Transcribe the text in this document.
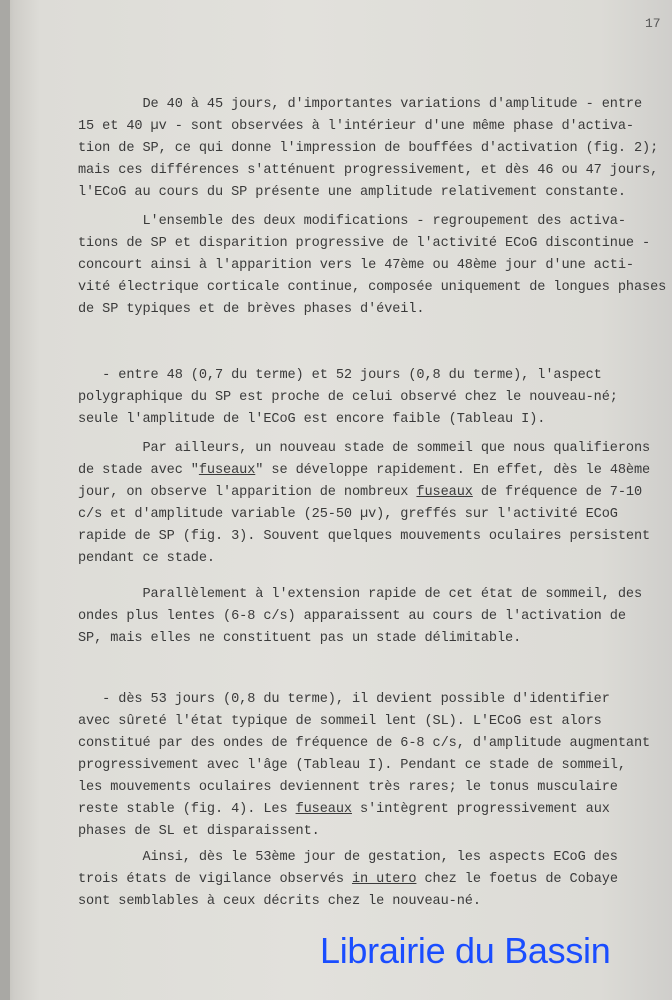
17
De 40 à 45 jours, d'importantes variations d'amplitude - entre
15 et 40 µv - sont observées à l'intérieur d'une même phase d'activa-
tion de SP, ce qui donne l'impression de bouffées d'activation (fig. 2);
mais ces différences s'atténuent progressivement, et dès 46 ou 47 jours,
l'ECoG au cours du SP présente une amplitude relativement constante.
L'ensemble des deux modifications - regroupement des activa-
tions de SP et disparition progressive de l'activité ECoG discontinue -
concourt ainsi à l'apparition vers le 47ème ou 48ème jour d'une acti-
vité électrique corticale continue, composée uniquement de longues phases
de SP typiques et de brèves phases d'éveil.
- entre 48 (0,7 du terme) et 52 jours (0,8 du terme), l'aspect
polygraphique du SP est proche de celui observé chez le nouveau-né;
seule l'amplitude de l'ECoG est encore faible (Tableau I).
Par ailleurs, un nouveau stade de sommeil que nous qualifierons
de stade avec "fuseaux" se développe rapidement. En effet, dès le 48ème
jour, on observe l'apparition de nombreux fuseaux de fréquence de 7-10
c/s et d'amplitude variable (25-50 µv), greffés sur l'activité ECoG
rapide de SP (fig. 3). Souvent quelques mouvements oculaires persistent
pendant ce stade.
Parallèlement à l'extension rapide de cet état de sommeil, des
ondes plus lentes (6-8 c/s) apparaissent au cours de l'activation de
SP, mais elles ne constituent pas un stade délimitable.
- dès 53 jours (0,8 du terme), il devient possible d'identifier
avec sûreté l'état typique de sommeil lent (SL). L'ECoG est alors
constitué par des ondes de fréquence de 6-8 c/s, d'amplitude augmentant
progressivement avec l'âge (Tableau I). Pendant ce stade de sommeil,
les mouvements oculaires deviennent très rares; le tonus musculaire
reste stable (fig. 4). Les fuseaux s'intègrent progressivement aux
phases de SL et disparaissent.
Ainsi, dès le 53ème jour de gestation, les aspects ECoG des
trois états de vigilance observés in utero chez le foetus de Cobaye
sont semblables à ceux décrits chez le nouveau-né.
Librairie du Bassin
